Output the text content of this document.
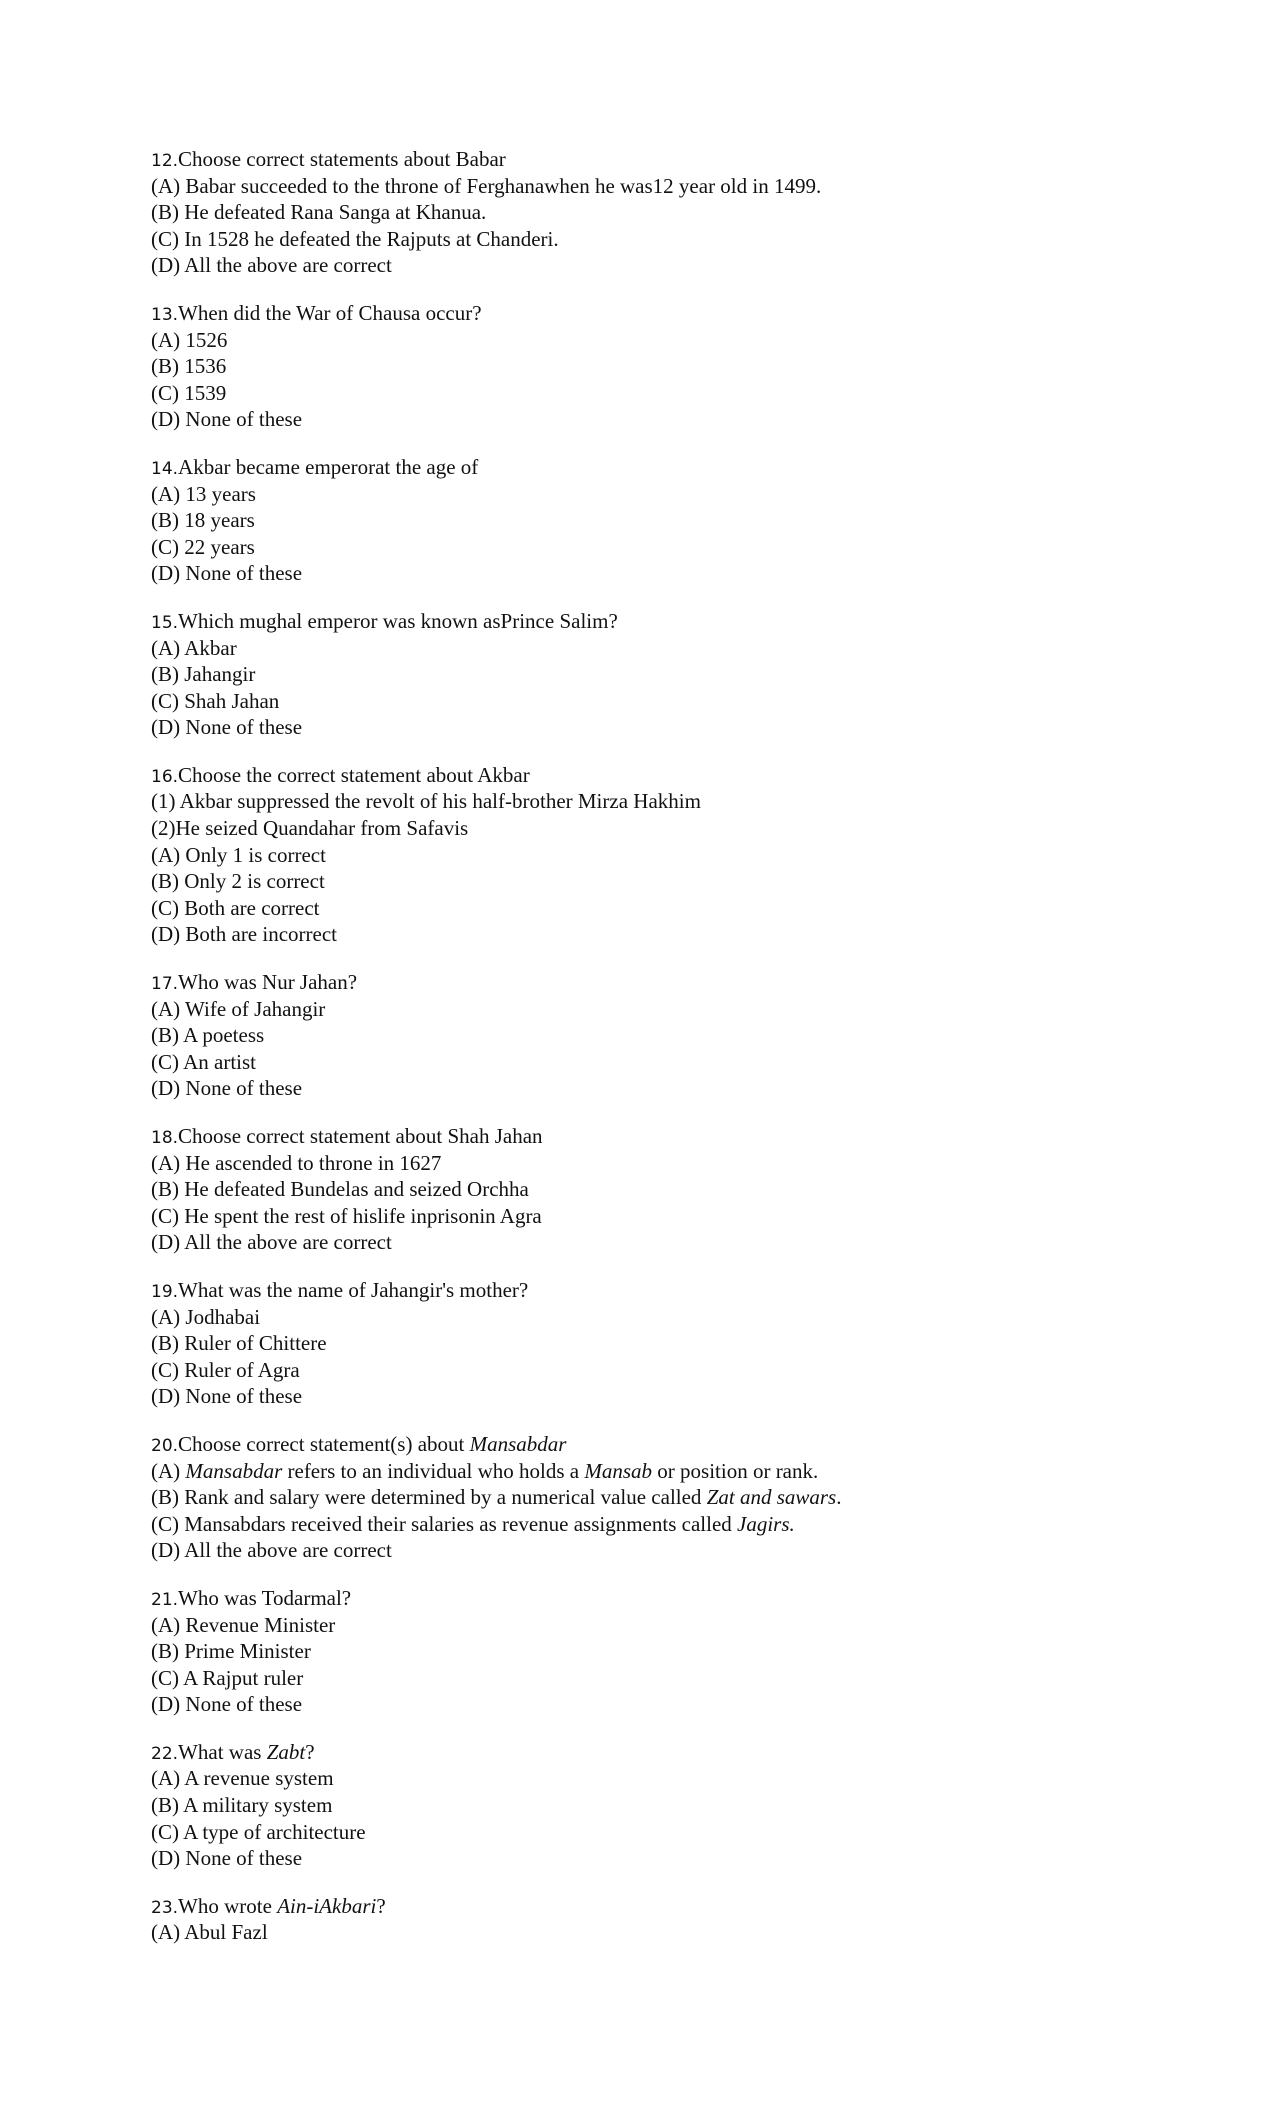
12.Choose correct statements about Babar
(A) Babar succeeded to the throne of Ferghanawhen he was12 year old in 1499.
(B) He defeated Rana Sanga at Khanua.
(C) In 1528 he defeated the Rajputs at Chanderi.
(D) All the above are correct
13.When did the War of Chausa occur?
(A) 1526
(B) 1536
(C) 1539
(D) None of these
14.Akbar became emperorat the age of
(A) 13 years
(B) 18 years
(C) 22 years
(D) None of these
15.Which mughal emperor was known asPrince Salim?
(A) Akbar
(B) Jahangir
(C) Shah Jahan
(D) None of these
16.Choose the correct statement about Akbar
(1) Akbar suppressed the revolt of his half-brother Mirza Hakhim
(2)He seized Quandahar from Safavis
(A) Only 1 is correct
(B) Only 2 is correct
(C) Both are correct
(D) Both are incorrect
17.Who was Nur Jahan?
(A) Wife of Jahangir
(B) A poetess
(C) An artist
(D) None of these
18.Choose correct statement about Shah Jahan
(A) He ascended to throne in 1627
(B) He defeated Bundelas and seized Orchha
(C) He spent the rest of hislife inprisonin Agra
(D) All the above are correct
19.What was the name of Jahangir's mother?
(A) Jodhabai
(B) Ruler of Chittere
(C) Ruler of Agra
(D) None of these
20.Choose correct statement(s) about Mansabdar
(A) Mansabdar refers to an individual who holds a Mansab or position or rank.
(B) Rank and salary were determined by a numerical value called Zat and sawars.
(C) Mansabdars received their salaries as revenue assignments called Jagirs.
(D) All the above are correct
21.Who was Todarmal?
(A) Revenue Minister
(B) Prime Minister
(C) A Rajput ruler
(D) None of these
22.What was Zabt?
(A) A revenue system
(B) A military system
(C) A type of architecture
(D) None of these
23.Who wrote Ain-iAkbari?
(A) Abul Fazl
